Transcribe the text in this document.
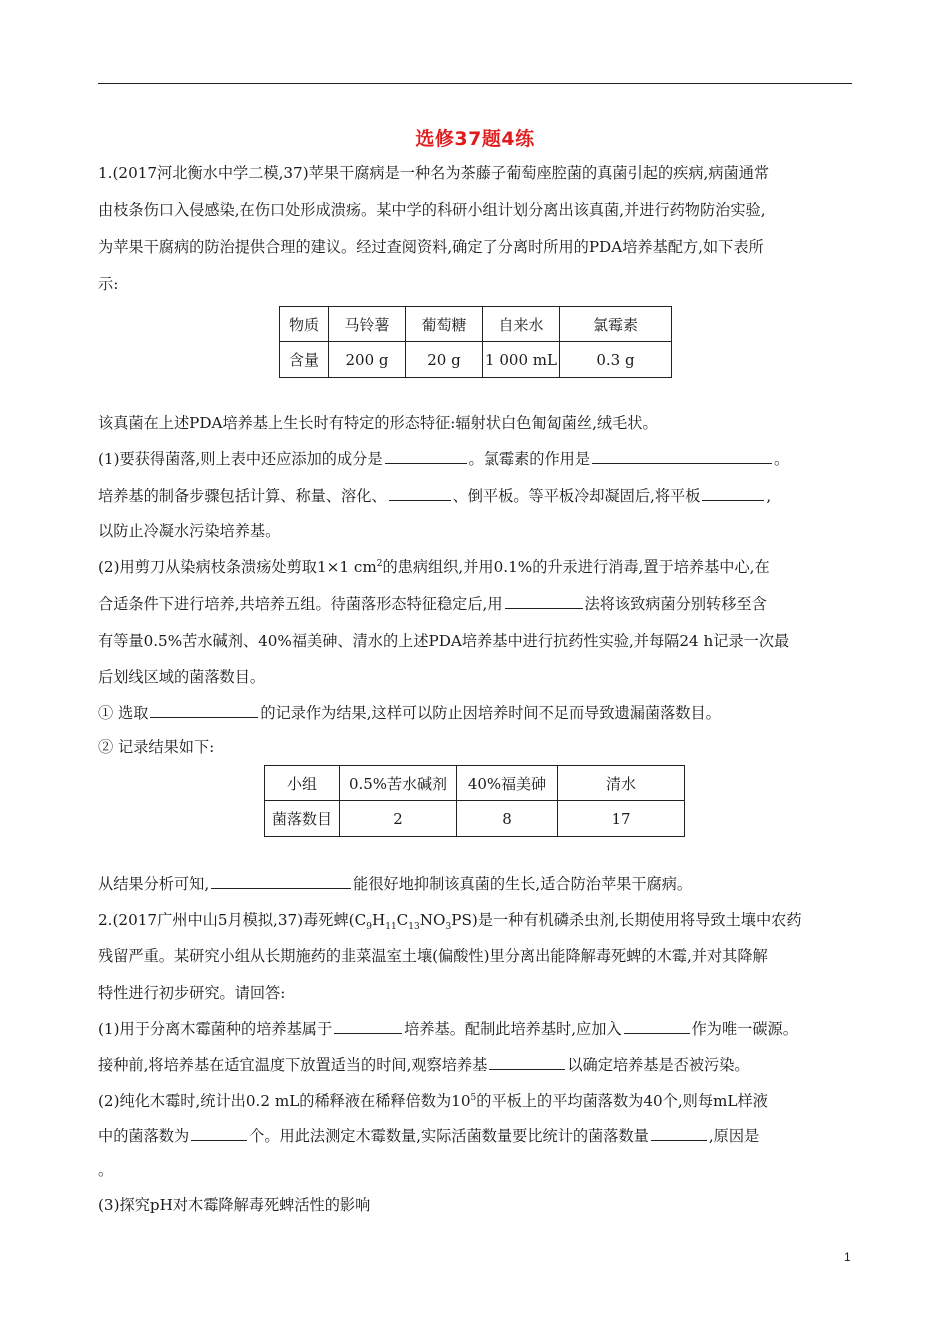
选修37题4练
1.(2017河北衡水中学二模,37)苹果干腐病是一种名为茶藤子葡萄座腔菌的真菌引起的疾病,病菌通常
由枝条伤口入侵感染,在伤口处形成溃疡。某中学的科研小组计划分离出该真菌,并进行药物防治实验,
为苹果干腐病的防治提供合理的建议。经过查阅资料,确定了分离时所用的PDA培养基配方,如下表所
示:
物质	马铃薯	葡萄糖	自来水	氯霉素
含量	200 g	20 g	1 000 mL	0.3 g
该真菌在上述PDA培养基上生长时有特定的形态特征:辐射状白色匍匐菌丝,绒毛状。
(1)要获得菌落,则上表中还应添加的成分是	。氯霉素的作用是	。
培养基的制备步骤包括计算、称量、溶化、	、倒平板。等平板冷却凝固后,将平板	,
以防止冷凝水污染培养基。
(2)用剪刀从染病枝条溃疡处剪取1×1 $cm^2$的患病组织,并用0.1%的升汞进行消毒,置于培养基中心,在
合适条件下进行培养,共培养五组。待菌落形态特征稳定后,用	法将该致病菌分别转移至含
有等量0.5%苦水碱剂、40%福美砷、清水的上述PDA培养基中进行抗药性实验,并每隔24 h记录一次最
后划线区域的菌落数目。
① 选取	的记录作为结果,这样可以防止因培养时间不足而导致遗漏菌落数目。
② 记录结果如下:
小组	0.5%苦水碱剂	40%福美砷	清水
菌落数目	2	8	17
从结果分析可知,	能很好地抑制该真菌的生长,适合防治苹果干腐病。
2.(2017广州中山5月模拟,37)毒死蜱$(C_9H_{11}C_{13}NO_3PS)$是一种有机磷杀虫剂,长期使用将导致土壤中农药
残留严重。某研究小组从长期施药的韭菜温室土壤(偏酸性)里分离出能降解毒死蜱的木霉,并对其降解
特性进行初步研究。请回答:
(1)用于分离木霉菌种的培养基属于	培养基。配制此培养基时,应加入	作为唯一碳源。
接种前,将培养基在适宜温度下放置适当的时间,观察培养基	以确定培养基是否被污染。
(2)纯化木霉时,统计出0.2 mL的稀释液在稀释倍数为$10^5$的平板上的平均菌落数为40个,则每mL样液
中的菌落数为	个。用此法测定木霉数量,实际活菌数量要比统计的菌落数量	,原因是
。
(3)探究pH对木霉降解毒死蜱活性的影响
1
